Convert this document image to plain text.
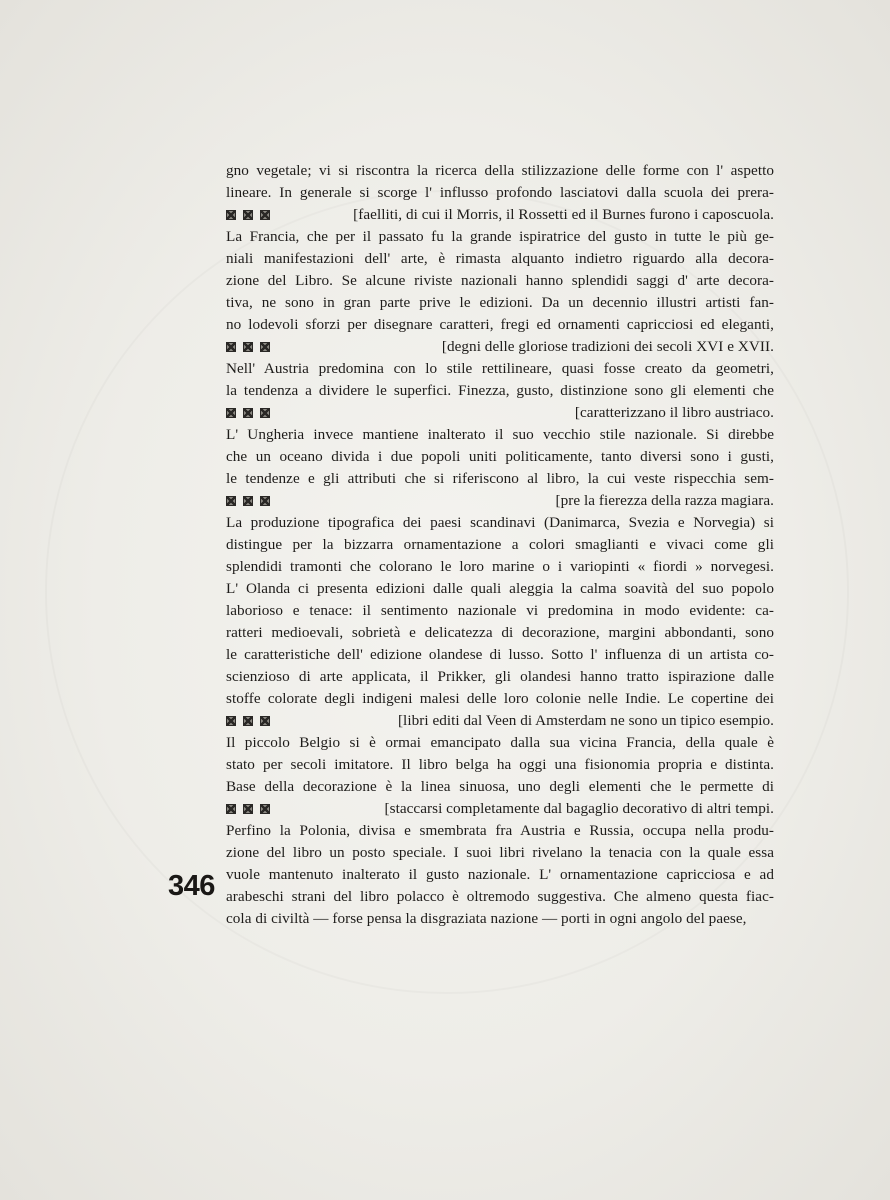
gno vegetale; vi si riscontra la ricerca della stilizzazione delle forme con l' aspetto
lineare. In generale si scorge l' influsso profondo lasciatovi dalla scuola dei prera-
[faelliti, di cui il Morris, il Rossetti ed il Burnes furono i caposcuola.
La Francia, che per il passato fu la grande ispiratrice del gusto in tutte le più ge-
niali manifestazioni dell' arte, è rimasta alquanto indietro riguardo alla decora-
zione del Libro. Se alcune riviste nazionali hanno splendidi saggi d' arte decora-
tiva, ne sono in gran parte prive le edizioni. Da un decennio illustri artisti fan-
no lodevoli sforzi per disegnare caratteri, fregi ed ornamenti capricciosi ed eleganti,
[degni delle gloriose tradizioni dei secoli XVI e XVII.
Nell' Austria predomina con lo stile rettilineare, quasi fosse creato da geometri,
la tendenza a dividere le superfici. Finezza, gusto, distinzione sono gli elementi che
[caratterizzano il libro austriaco.
L' Ungheria invece mantiene inalterato il suo vecchio stile nazionale. Si direbbe
che un oceano divida i due popoli uniti politicamente, tanto diversi sono i gusti,
le tendenze e gli attributi che si riferiscono al libro, la cui veste rispecchia sem-
[pre la fierezza della razza magiara.
La produzione tipografica dei paesi scandinavi (Danimarca, Svezia e Norvegia) si
distingue per la bizzarra ornamentazione a colori smaglianti e vivaci come gli
splendidi tramonti che colorano le loro marine o i variopinti « fiordi » norvegesi.
L' Olanda ci presenta edizioni dalle quali aleggia la calma soavità del suo popolo
laborioso e tenace: il sentimento nazionale vi predomina in modo evidente: ca-
ratteri medioevali, sobrietà e delicatezza di decorazione, margini abbondanti, sono
le caratteristiche dell' edizione olandese di lusso. Sotto l' influenza di un artista co-
scienzioso di arte applicata, il Prikker, gli olandesi hanno tratto ispirazione dalle
stoffe colorate degli indigeni malesi delle loro colonie nelle Indie. Le copertine dei
[libri editi dal Veen di Amsterdam ne sono un tipico esempio.
Il piccolo Belgio si è ormai emancipato dalla sua vicina Francia, della quale è
stato per secoli imitatore. Il libro belga ha oggi una fisionomia propria e distinta.
Base della decorazione è la linea sinuosa, uno degli elementi che le permette di
[staccarsi completamente dal bagaglio decorativo di altri tempi.
Perfino la Polonia, divisa e smembrata fra Austria e Russia, occupa nella produ-
zione del libro un posto speciale. I suoi libri rivelano la tenacia con la quale essa
vuole mantenuto inalterato il gusto nazionale. L' ornamentazione capricciosa e ad
arabeschi strani del libro polacco è oltremodo suggestiva. Che almeno questa fiac-
cola di civiltà — forse pensa la disgraziata nazione — porti in ogni angolo del paese,
346
